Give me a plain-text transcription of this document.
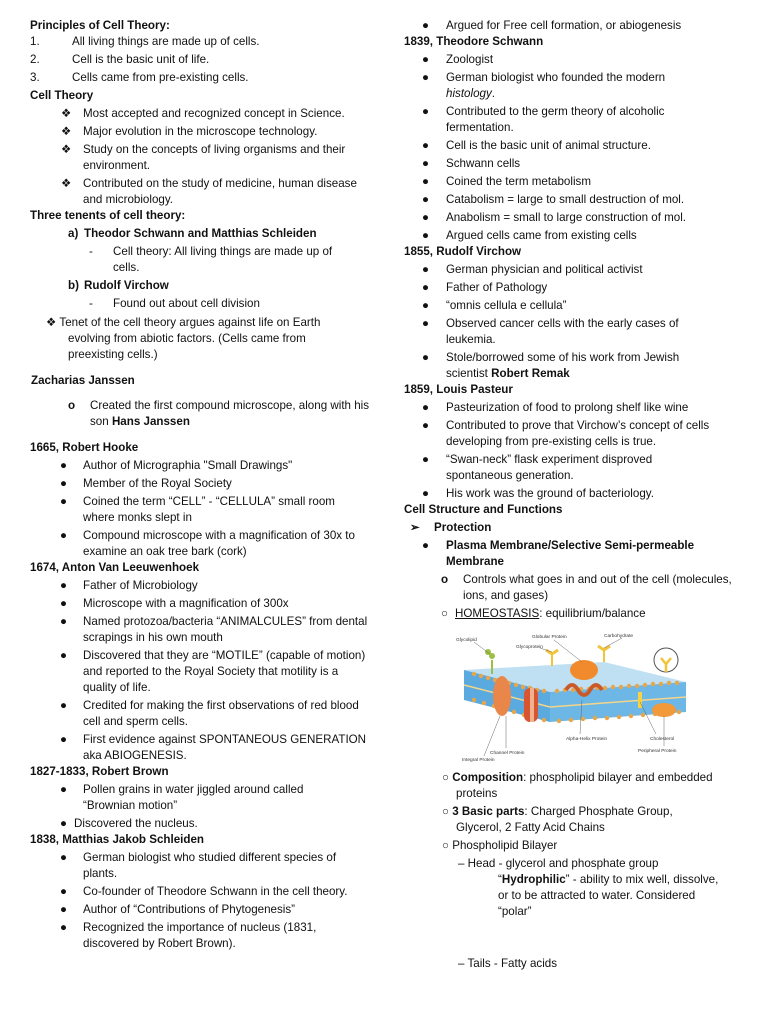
Principles of Cell Theory:
1.	All living things are made up of cells.
2.	Cell is the basic unit of life.
3.	Cells came from pre-existing cells.
Cell Theory
❖ Most accepted and recognized concept in Science.
❖ Major evolution in the microscope technology.
❖ Study on the concepts of living organisms and their environment.
❖ Contributed on the study of medicine, human disease and microbiology.
Three tenents of cell theory:
a) Theodor Schwann and Matthias Schleiden
- Cell theory: All living things are made up of cells.
b) Rudolf Virchow
- Found out about cell division
❖ Tenet of the cell theory argues against life on Earth evolving from abiotic factors. (Cells came from preexisting cells.)
Zacharias Janssen
o Created the first compound microscope, along with his son Hans Janssen
1665, Robert Hooke
● Author of Micrographia "Small Drawings"
● Member of the Royal Society
● Coined the term “CELL” - “CELLULA” small room where monks slept in
● Compound microscope with a magnification of 30x to examine an oak tree bark (cork)
1674, Anton Van Leeuwenhoek
● Father of Microbiology
● Microscope with a magnification of 300x
● Named protozoa/bacteria “ANIMALCULES” from dental scrapings in his own mouth
● Discovered that they are “MOTILE” (capable of motion) and reported to the Royal Society that motility is a quality of life.
● Credited for making the first observations of red blood cell and sperm cells.
● First evidence against SPONTANEOUS GENERATION aka ABIOGENESIS.
1827-1833, Robert Brown
● Pollen grains in water jiggled around called “Brownian motion”
● Discovered the nucleus.
1838, Matthias Jakob Schleiden
● German biologist who studied different species of plants.
● Co-founder of Theodore Schwann in the cell theory.
● Author of “Contributions of Phytogenesis”
● Recognized the importance of nucleus (1831, discovered by Robert Brown).
● Argued for Free cell formation, or abiogenesis
1839, Theodore Schwann
● Zoologist
● German biologist who founded the modern histology.
● Contributed to the germ theory of alcoholic fermentation.
● Cell is the basic unit of animal structure.
● Schwann cells
● Coined the term metabolism
● Catabolism = large to small destruction of mol.
● Anabolism = small to large construction of mol.
● Argued cells came from existing cells
1855, Rudolf Virchow
● German physician and political activist
● Father of Pathology
● “omnis cellula e cellula”
● Observed cancer cells with the early cases of leukemia.
● Stole/borrowed some of his work from Jewish scientist Robert Remak
1859, Louis Pasteur
● Pasteurization of food to prolong shelf like wine
● Contributed to prove that Virchow’s concept of cells developing from pre-existing cells is true.
● “Swan-neck” flask experiment disproved spontaneous generation.
● His work was the ground of bacteriology.
Cell Structure and Functions
➢ Protection
● Plasma Membrane/Selective Semi-permeable Membrane
o Controls what goes in and out of the cell (molecules, ions, and gases)
○ HOMEOSTASIS: equilibrium/balance
Glycolipid
Globular Protein
Glycoprotein
Carbohydrate
Alpha-Helix Protein	Cholesterol
Channel Protein
Integral Protein
Peripheral Protein
○ Composition: phospholipid bilayer and embedded proteins
○ 3 Basic parts: Charged Phosphate Group, Glycerol, 2 Fatty Acid Chains
○ Phospholipid Bilayer
– Head - glycerol and phosphate group
“Hydrophilic” - ability to mix well, dissolve, or to be attracted to water. Considered “polar”
– Tails - Fatty acids
